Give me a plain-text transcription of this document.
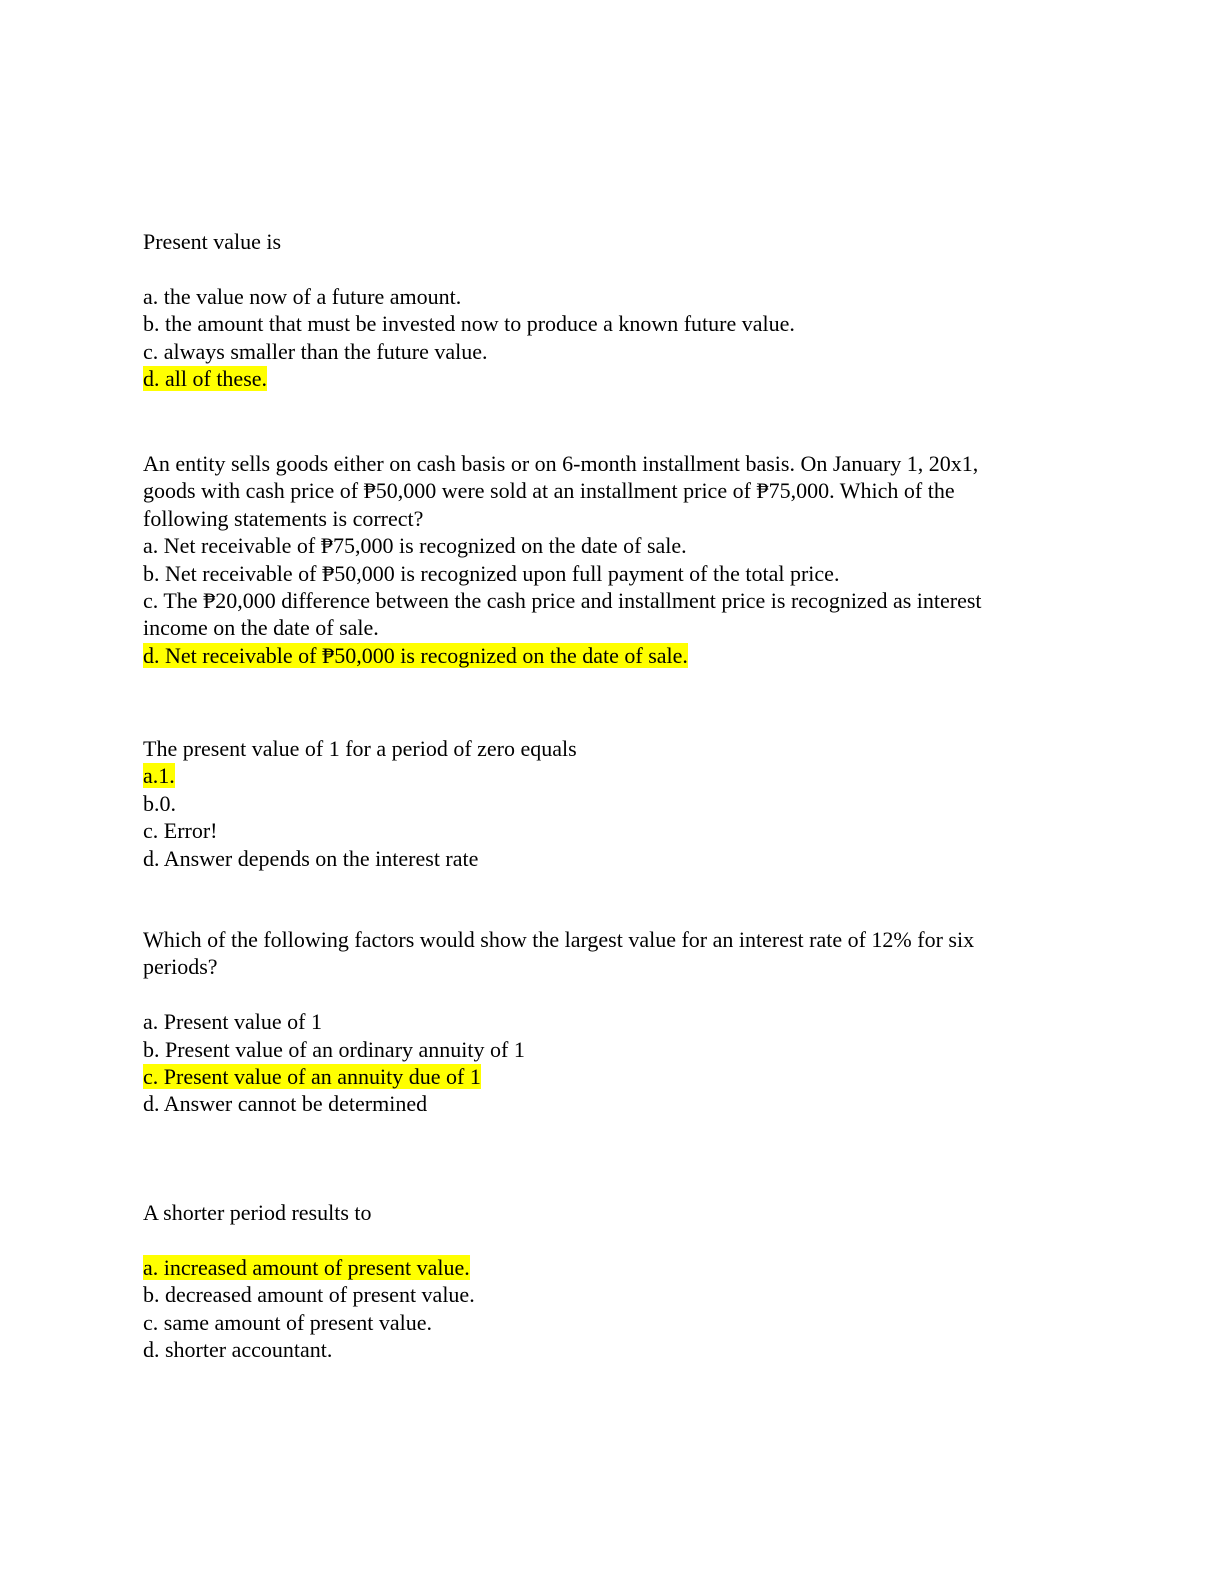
Present value is
a. the value now of a future amount.
b. the amount that must be invested now to produce a known future value.
c. always smaller than the future value.
d. all of these.
An entity sells goods either on cash basis or on 6-month installment basis. On January 1, 20x1,
goods with cash price of ₱50,000 were sold at an installment price of ₱75,000. Which of the
following statements is correct?
a. Net receivable of ₱75,000 is recognized on the date of sale.
b. Net receivable of ₱50,000 is recognized upon full payment of the total price.
c. The ₱20,000 difference between the cash price and installment price is recognized as interest
income on the date of sale.
d. Net receivable of ₱50,000 is recognized on the date of sale.
The present value of 1 for a period of zero equals
a.1.
b.0.
c. Error!
d. Answer depends on the interest rate
Which of the following factors would show the largest value for an interest rate of 12% for six
periods?
a. Present value of 1
b. Present value of an ordinary annuity of 1
c. Present value of an annuity due of 1
d. Answer cannot be determined
A shorter period results to
a. increased amount of present value.
b. decreased amount of present value.
c. same amount of present value.
d. shorter accountant.
